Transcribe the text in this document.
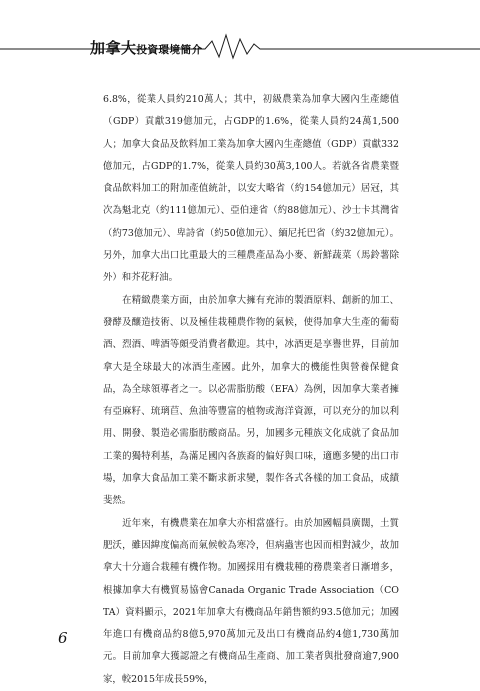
加拿大投資環境簡介

6.8%，從業人員約210萬人；其中，初級農業為加拿大國內生產總值（GDP）貢獻319億加元，占GDP的1.6%，從業人員約24萬1,500人；加拿大食品及飲料加工業為加拿大國內生產總值（GDP）貢獻332億加元，占GDP的1.7%，從業人員約30萬3,100人。若就各省農業暨食品飲料加工的附加產值統計，以安大略省（約154億加元）居冠，其次為魁北克（約111億加元）、亞伯達省（約88億加元）、沙士卡其灣省（約73億加元）、卑詩省（約50億加元）、緬尼托巴省（約32億加元）。另外，加拿大出口比重最大的三種農產品為小麥、新鮮蔬菜（馬鈴薯除外）和芥花籽油。

在精緻農業方面，由於加拿大擁有充沛的製酒原料、創新的加工、發酵及釀造技術、以及極佳栽種農作物的氣候，使得加拿大生產的葡萄酒、烈酒、啤酒等頗受消費者歡迎。其中，冰酒更是享譽世界，目前加拿大是全球最大的冰酒生產國。此外，加拿大的機能性與營養保健食品，為全球領導者之一。以必需脂肪酸（EFA）為例，因加拿大業者擁有亞麻籽、琉璃苣、魚油等豐富的植物或海洋資源，可以充分的加以利用、開發、製造必需脂肪酸商品。另，加國多元種族文化成就了食品加工業的獨特利基，為滿足國內各族裔的偏好與口味，適應多變的出口市場，加拿大食品加工業不斷求新求變，製作各式各樣的加工食品，成績斐然。

近年來，有機農業在加拿大亦相當盛行。由於加國幅員廣闊，土質肥沃，雖因緯度偏高而氣候較為寒冷，但病蟲害也因而相對減少，故加拿大十分適合栽種有機作物。加國採用有機栽種的務農業者日漸增多，根據加拿大有機貿易協會Canada Organic Trade Association（COTA）資料顯示，2021年加拿大有機商品年銷售額約93.5億加元；加國年進口有機商品約8億5,970萬加元及出口有機商品約4億1,730萬加元。目前加拿大獲認證之有機商品生產商、加工業者與批發商逾7,900家，較2015年成長59%，

6
